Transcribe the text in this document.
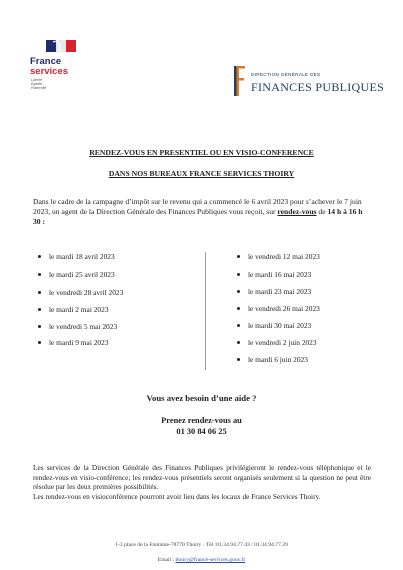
France
services
Liberté
Égalité
Fraternité
DIRECTION GÉNÉRALE DES
FINANCES PUBLIQUES
RENDEZ-VOUS EN PRESENTIEL OU EN VISIO-CONFERENCE
DANS NOS BUREAUX FRANCE SERVICES THOIRY
Dans le cadre de la campagne d’impôt sur le revenu qui a commencé le 6 avril 2023 pour s’achever le 7 juin 2023, un agent de la Direction Générale des Finances Publiques vous reçoit, sur rendez-vous de 14 h à 16 h 30 :
le mardi 18 avril 2023
le mardi 25 avril 2023
le vendredi 28 avril 2023
le mardi 2 mai 2023
le vendredi 5 mai 2023
le mardi 9 mai 2023
le vendredi 12 mai 2023
le mardi 16 mai 2023
le mardi 23 mai 2023
le vendredi 26 mai 2023
le mardi 30 mai 2023
le vendredi 2 juin 2023
le mardi 6 juin 2023
Vous avez besoin d’une aide ?
Prenez rendez-vous au
01 30 84 06 25
Les services de la Direction Générale des Finances Publiques privilégieront le rendez-vous téléphonique et le rendez-vous en visio-conférence; les rendez-vous présentiels seront organisés seulement si la question ne peut être résolue par les deux premières possibilités.
Les rendez-vous en visioconférence pourront avoir lieu dans les locaux de France Services Thoiry.
1-3 place de la Fontaine-78770 Thoiry · Tél :01.34.94.77.43 / 01.34.94.77.39
Email : thoiry@france-services.gouv.fr
